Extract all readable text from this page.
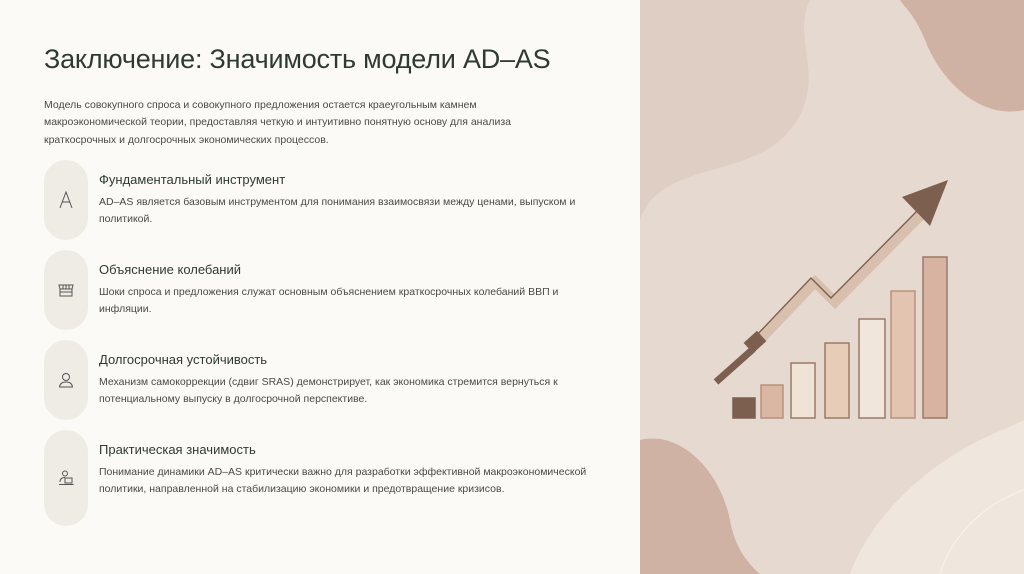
Заключение: Значимость модели AD–AS

Модель совокупного спроса и совокупного предложения остается краеугольным камнем макроэкономической теории, предоставляя четкую и интуитивно понятную основу для анализа краткосрочных и долгосрочных экономических процессов.

Фундаментальный инструмент
AD–AS является базовым инструментом для понимания взаимосвязи между ценами, выпуском и политикой.
Объяснение колебаний
Шоки спроса и предложения служат основным объяснением краткосрочных колебаний ВВП и инфляции.
Долгосрочная устойчивость
Механизм самокоррекции (сдвиг SRAS) демонстрирует, как экономика стремится вернуться к потенциальному выпуску в долгосрочной перспективе.
Практическая значимость
Понимание динамики AD–AS критически важно для разработки эффективной макроэкономической политики, направленной на стабилизацию экономики и предотвращение кризисов.
